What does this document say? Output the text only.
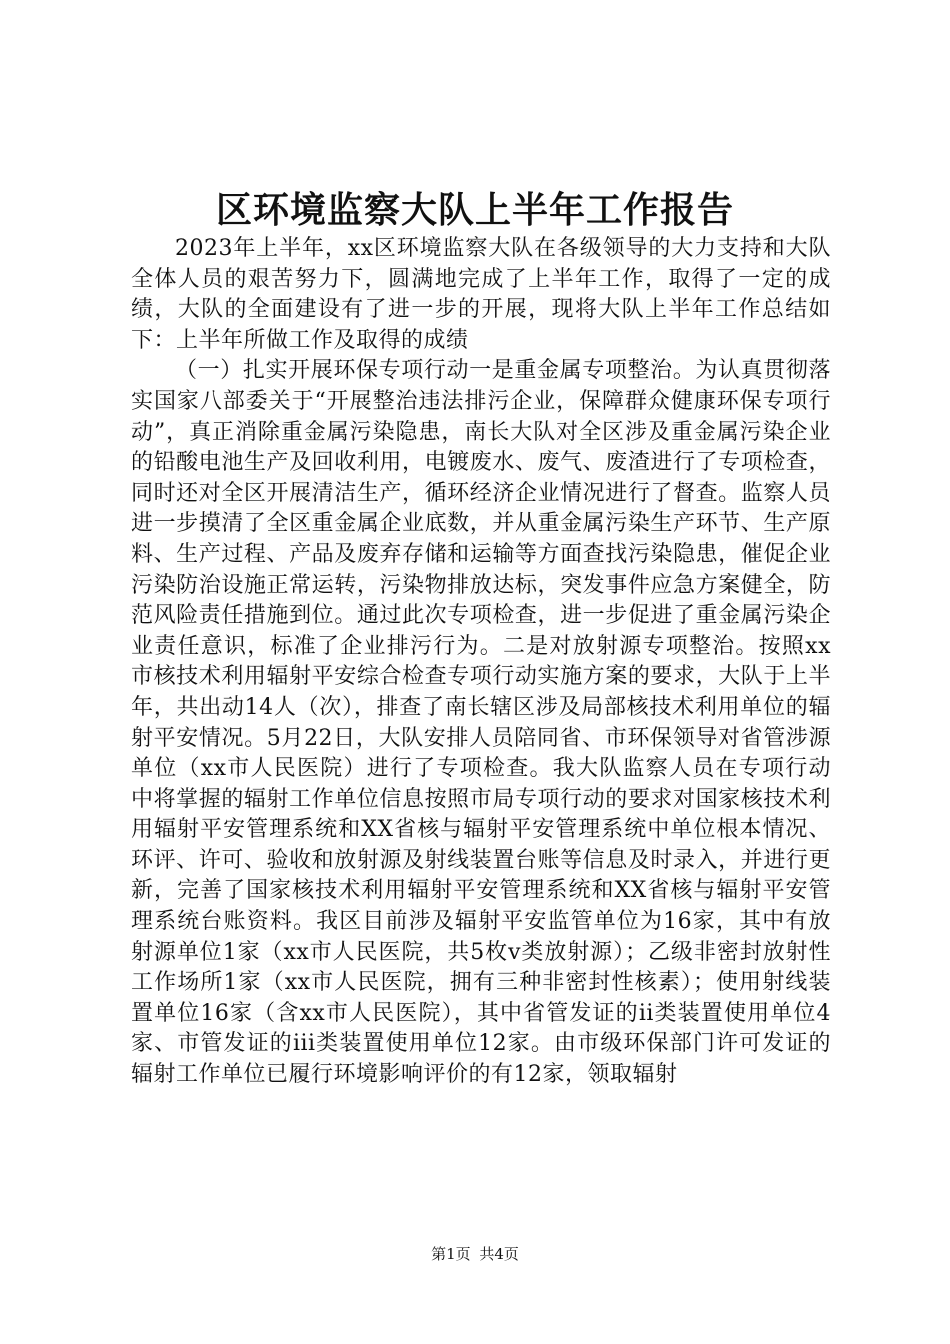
区环境监察大队上半年工作报告

2023年上半年，xx区环境监察大队在各级领导的大力支持和大队全体人员的艰苦努力下，圆满地完成了上半年工作，取得了一定的成绩，大队的全面建设有了进一步的开展，现将大队上半年工作总结如下：上半年所做工作及取得的成绩

（一）扎实开展环保专项行动一是重金属专项整治。为认真贯彻落实国家八部委关于“开展整治违法排污企业，保障群众健康环保专项行动”，真正消除重金属污染隐患，南长大队对全区涉及重金属污染企业的铅酸电池生产及回收利用，电镀废水、废气、废渣进行了专项检查，同时还对全区开展清洁生产，循环经济企业情况进行了督查。监察人员进一步摸清了全区重金属企业底数，并从重金属污染生产环节、生产原料、生产过程、产品及废弃存储和运输等方面查找污染隐患，催促企业污染防治设施正常运转，污染物排放达标，突发事件应急方案健全，防范风险责任措施到位。通过此次专项检查，进一步促进了重金属污染企业责任意识，标准了企业排污行为。二是对放射源专项整治。按照xx市核技术利用辐射平安综合检查专项行动实施方案的要求，大队于上半年，共出动14人（次），排查了南长辖区涉及局部核技术利用单位的辐射平安情况。5月22日，大队安排人员陪同省、市环保领导对省管涉源单位（xx市人民医院）进行了专项检查。我大队监察人员在专项行动中将掌握的辐射工作单位信息按照市局专项行动的要求对国家核技术利用辐射平安管理系统和XX省核与辐射平安管理系统中单位根本情况、环评、许可、验收和放射源及射线装置台账等信息及时录入，并进行更新，完善了国家核技术利用辐射平安管理系统和XX省核与辐射平安管理系统台账资料。我区目前涉及辐射平安监管单位为16家，其中有放射源单位1家（xx市人民医院，共5枚v类放射源）；乙级非密封放射性工作场所1家（xx市人民医院，拥有三种非密封性核素）；使用射线装置单位16家（含xx市人民医院），其中省管发证的ii类装置使用单位4家、市管发证的iii类装置使用单位12家。由市级环保部门许可发证的辐射工作单位已履行环境影响评价的有12家，领取辐射

第1页 共4页
